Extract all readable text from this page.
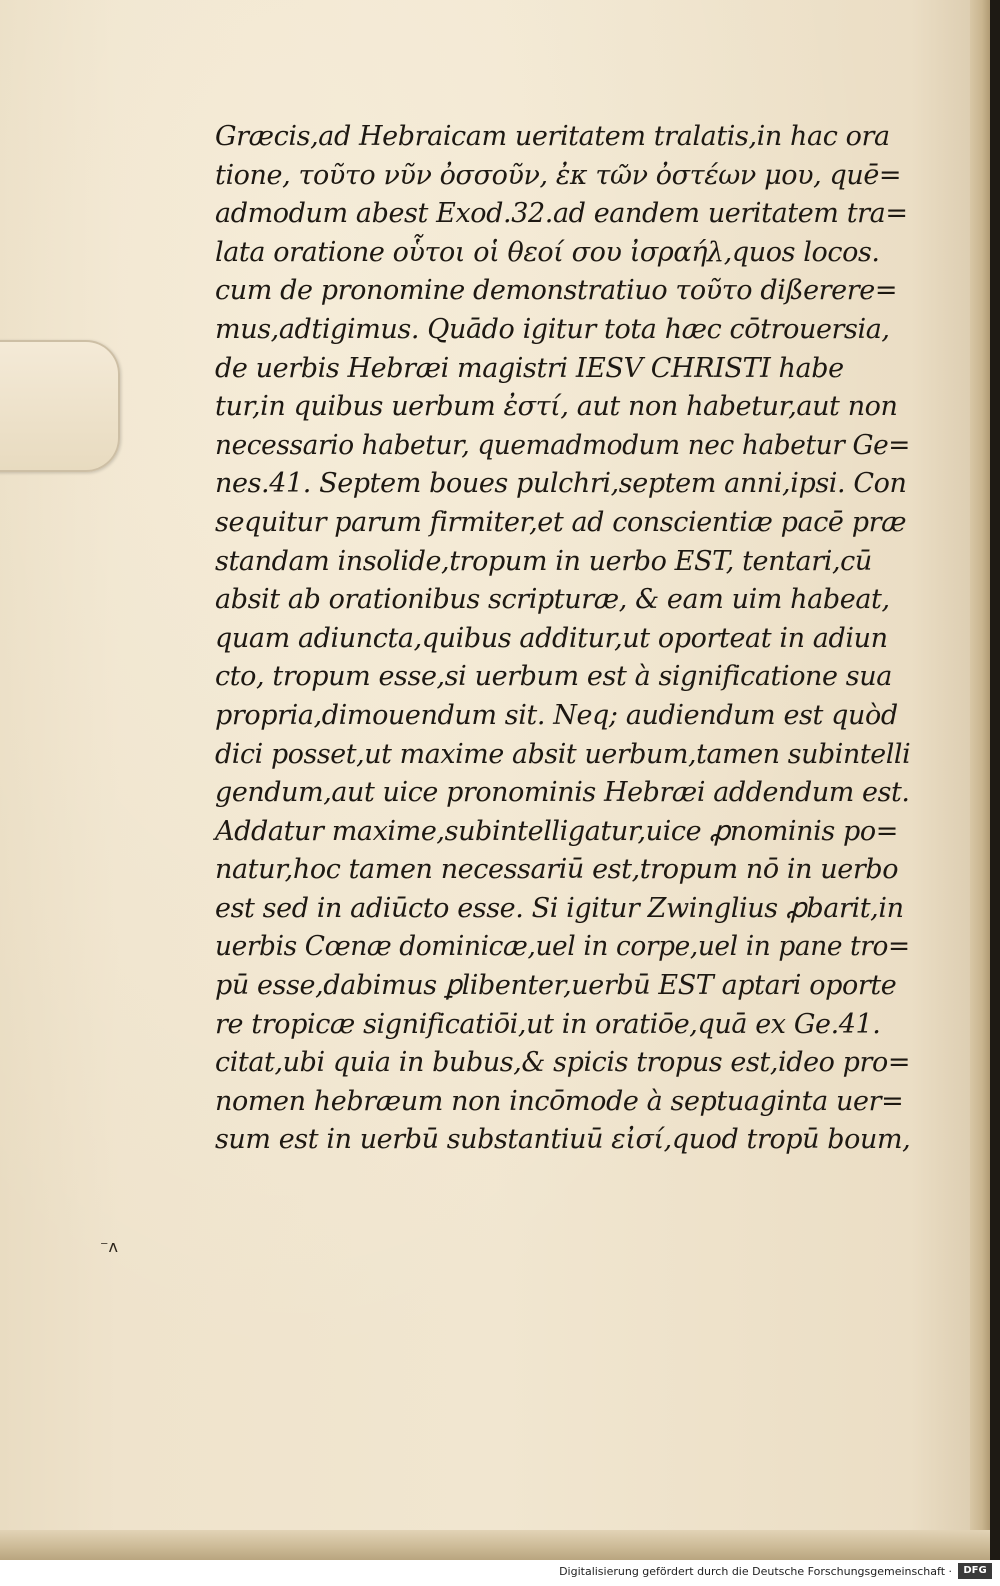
Græcis,ad Hebraicam ueritatem tralatis,in hac ora
tione, τοῦτο νῦν ὀσσοῦν, ἐκ τῶν ὀστέων μου, quē=
admodum abest Exod.32.ad eandem ueritatem tra=
lata oratione οὗτοι οἱ θεοί σου ἰσραήλ,quos locos.
cum de pronomine demonstratiuo τοῦτο dißerere=
mus,adtigimus. Quādo igitur tota hæc cōtrouersia,
de uerbis Hebræi magistri IESV CHRISTI habe
tur,in quibus uerbum ἐστί, aut non habetur,aut non
necessario habetur, quemadmodum nec habetur Ge=
nes.41. Septem boues pulchri,septem anni,ipsi. Con
sequitur parum firmiter,et ad conscientiæ pacē præ
standam insolide,tropum in uerbo EST, tentari,cū
absit ab orationibus scripturæ, & eam uim habeat,
quam adiuncta,quibus additur,ut oporteat in adiun
cto, tropum esse,si uerbum est à significatione sua
propria,dimouendum sit. Neq; audiendum est quòd
dici posset,ut maxime absit uerbum,tamen subintelli
gendum,aut uice pronominis Hebræi addendum est.
Addatur maxime,subintelligatur,uice ꝓnominis po=
natur,hoc tamen necessariū est,tropum nō in uerbo
est sed in adiūcto esse. Si igitur Zwinglius ꝓbarit,in
uerbis Cœnæ dominicæ,uel in corpe,uel in pane tro=
pū esse,dabimus ꝑlibenter,uerbū EST aptari oporte
re tropicæ significatiōi,ut in oratiōe,quā ex Ge.41.
citat,ubi quia in bubus,& spicis tropus est,ideo pro=
nomen hebræum non incōmode à septuaginta uer=
sum est in uerbū substantiuū εἰσί,quod tropū boum,
⁻ʌ
Digitalisierung gefördert durch die Deutsche Forschungsgemeinschaft ·	DFG
